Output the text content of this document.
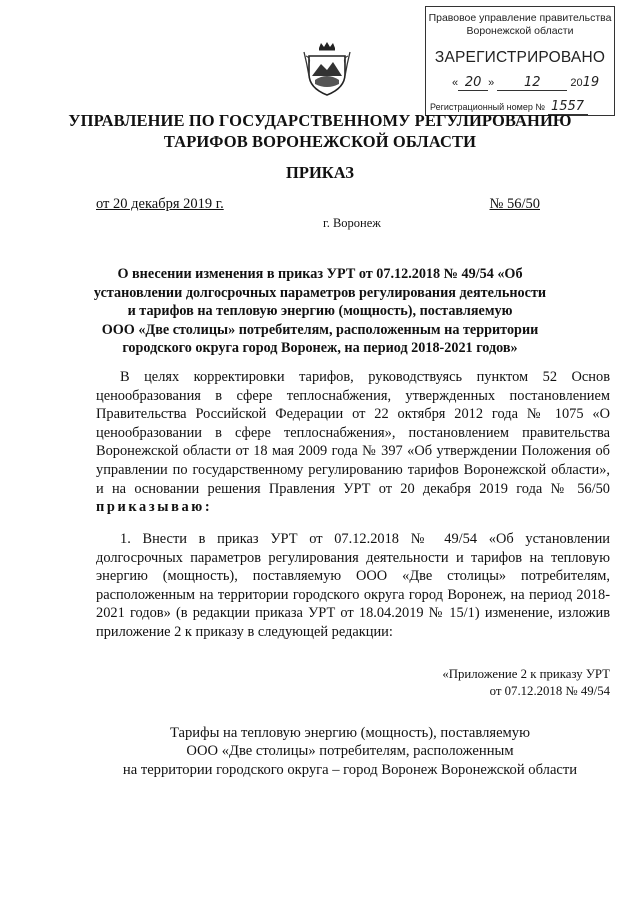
Правовое управление правительства
Воронежской области
ЗАРЕГИСТРИРОВАНО
« 20 » 12	2019
Регистрационный номер № 1557
УПРАВЛЕНИЕ ПО ГОСУДАРСТВЕННОМУ РЕГУЛИРОВАНИЮ
ТАРИФОВ ВОРОНЕЖСКОЙ ОБЛАСТИ
ПРИКАЗ
от 20 декабря 2019 г.	№ 56/50
г. Воронеж
О внесении изменения в приказ УРТ от 07.12.2018 № 49/54 «Об
установлении долгосрочных параметров регулирования деятельности
и тарифов на тепловую энергию (мощность), поставляемую
ООО «Две столицы» потребителям, расположенным на территории
городского округа город Воронеж, на период 2018-2021 годов»
В целях корректировки тарифов, руководствуясь пунктом 52 Основ ценообразования в сфере теплоснабжения, утвержденных постановлением Правительства Российской Федерации от 22 октября 2012 года № 1075 «О ценообразовании в сфере теплоснабжения», постановлением правительства Воронежской области от 18 мая 2009 года № 397 «Об утверждении Положения об управлении по государственному регулированию тарифов Воронежской области», и на основании решения Правления УРТ от 20 декабря 2019 года № 56/50 приказываю:
1. Внести в приказ УРТ от 07.12.2018 № 49/54 «Об установлении долгосрочных параметров регулирования деятельности и тарифов на тепловую энергию (мощность), поставляемую ООО «Две столицы» потребителям, расположенным на территории городского округа город Воронеж, на период 2018-2021 годов» (в редакции приказа УРТ от 18.04.2019 № 15/1) изменение, изложив приложение 2 к приказу в следующей редакции:
«Приложение 2 к приказу УРТ
от 07.12.2018 № 49/54
Тарифы на тепловую энергию (мощность), поставляемую
ООО «Две столицы» потребителям, расположенным
на территории городского округа – город Воронеж Воронежской области
